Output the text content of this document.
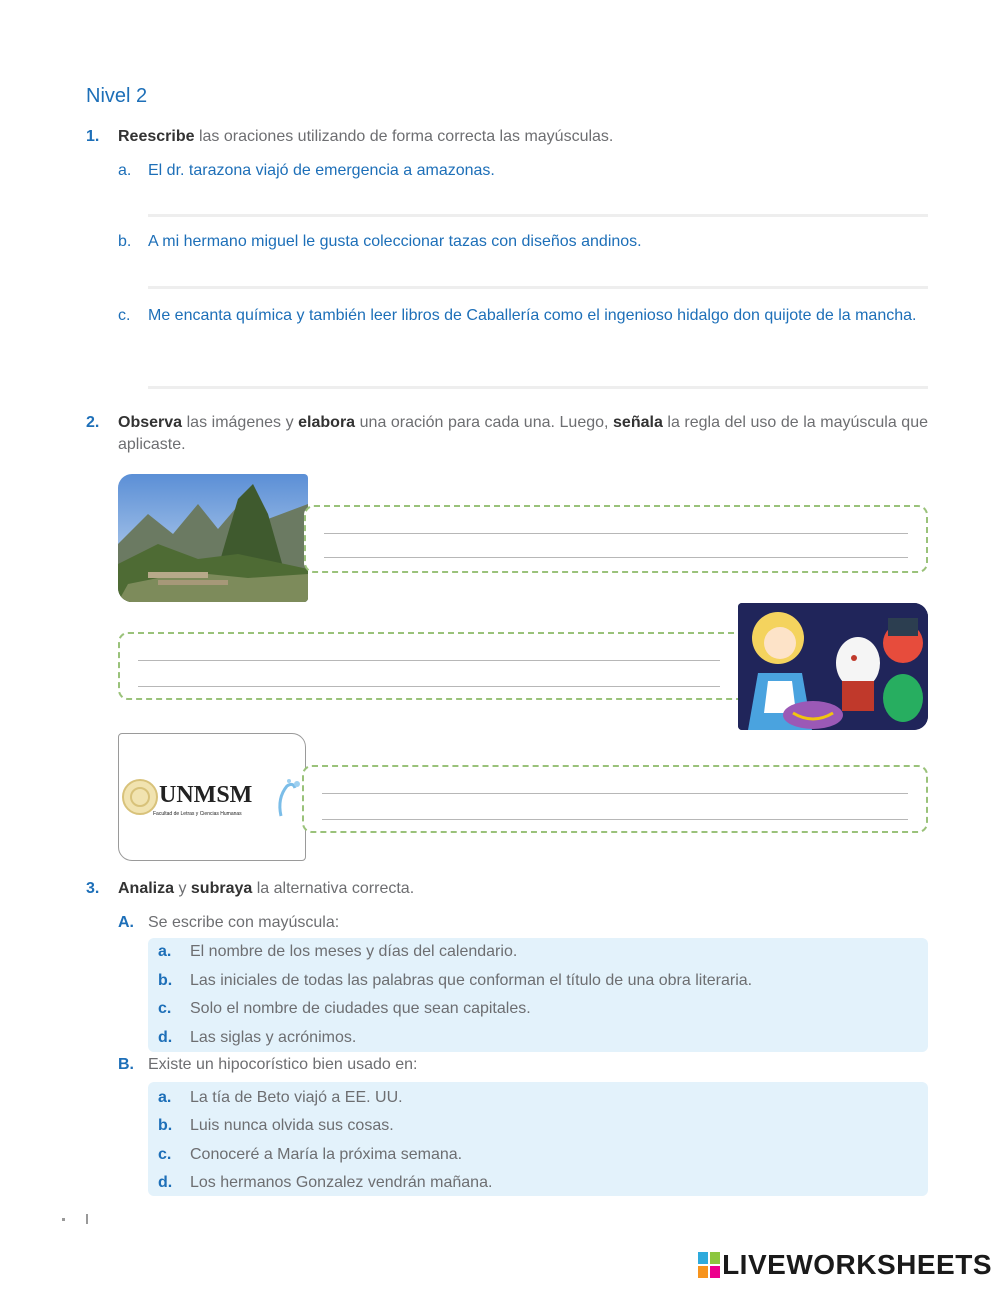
Nivel 2
1. Reescribe las oraciones utilizando de forma correcta las mayúsculas.
a. El dr. tarazona viajó de emergencia a amazonas.
b. A mi hermano miguel le gusta coleccionar tazas con diseños andinos.
c.	Me encanta química y también leer libros de Caballería como el ingenioso hidalgo don quijote de la mancha.
2.	Observa las imágenes y elabora una oración para cada una. Luego, señala la regla del uso de la mayúscula que aplicaste.
UNMSM
Facultad de Letras y Ciencias Humanas
3. Analiza y subraya la alternativa correcta.
A. Se escribe con mayúscula:
a. El nombre de los meses y días del calendario.
b. Las iniciales de todas las palabras que conforman el título de una obra literaria.
c. Solo el nombre de ciudades que sean capitales.
d. Las siglas y acrónimos.
B. Existe un hipocorístico bien usado en:
a. La tía de Beto viajó a EE. UU.
b. Luis nunca olvida sus cosas.
c. Conoceré a María la próxima semana.
d. Los hermanos Gonzalez vendrán mañana.
LIVEWORKSHEETS
